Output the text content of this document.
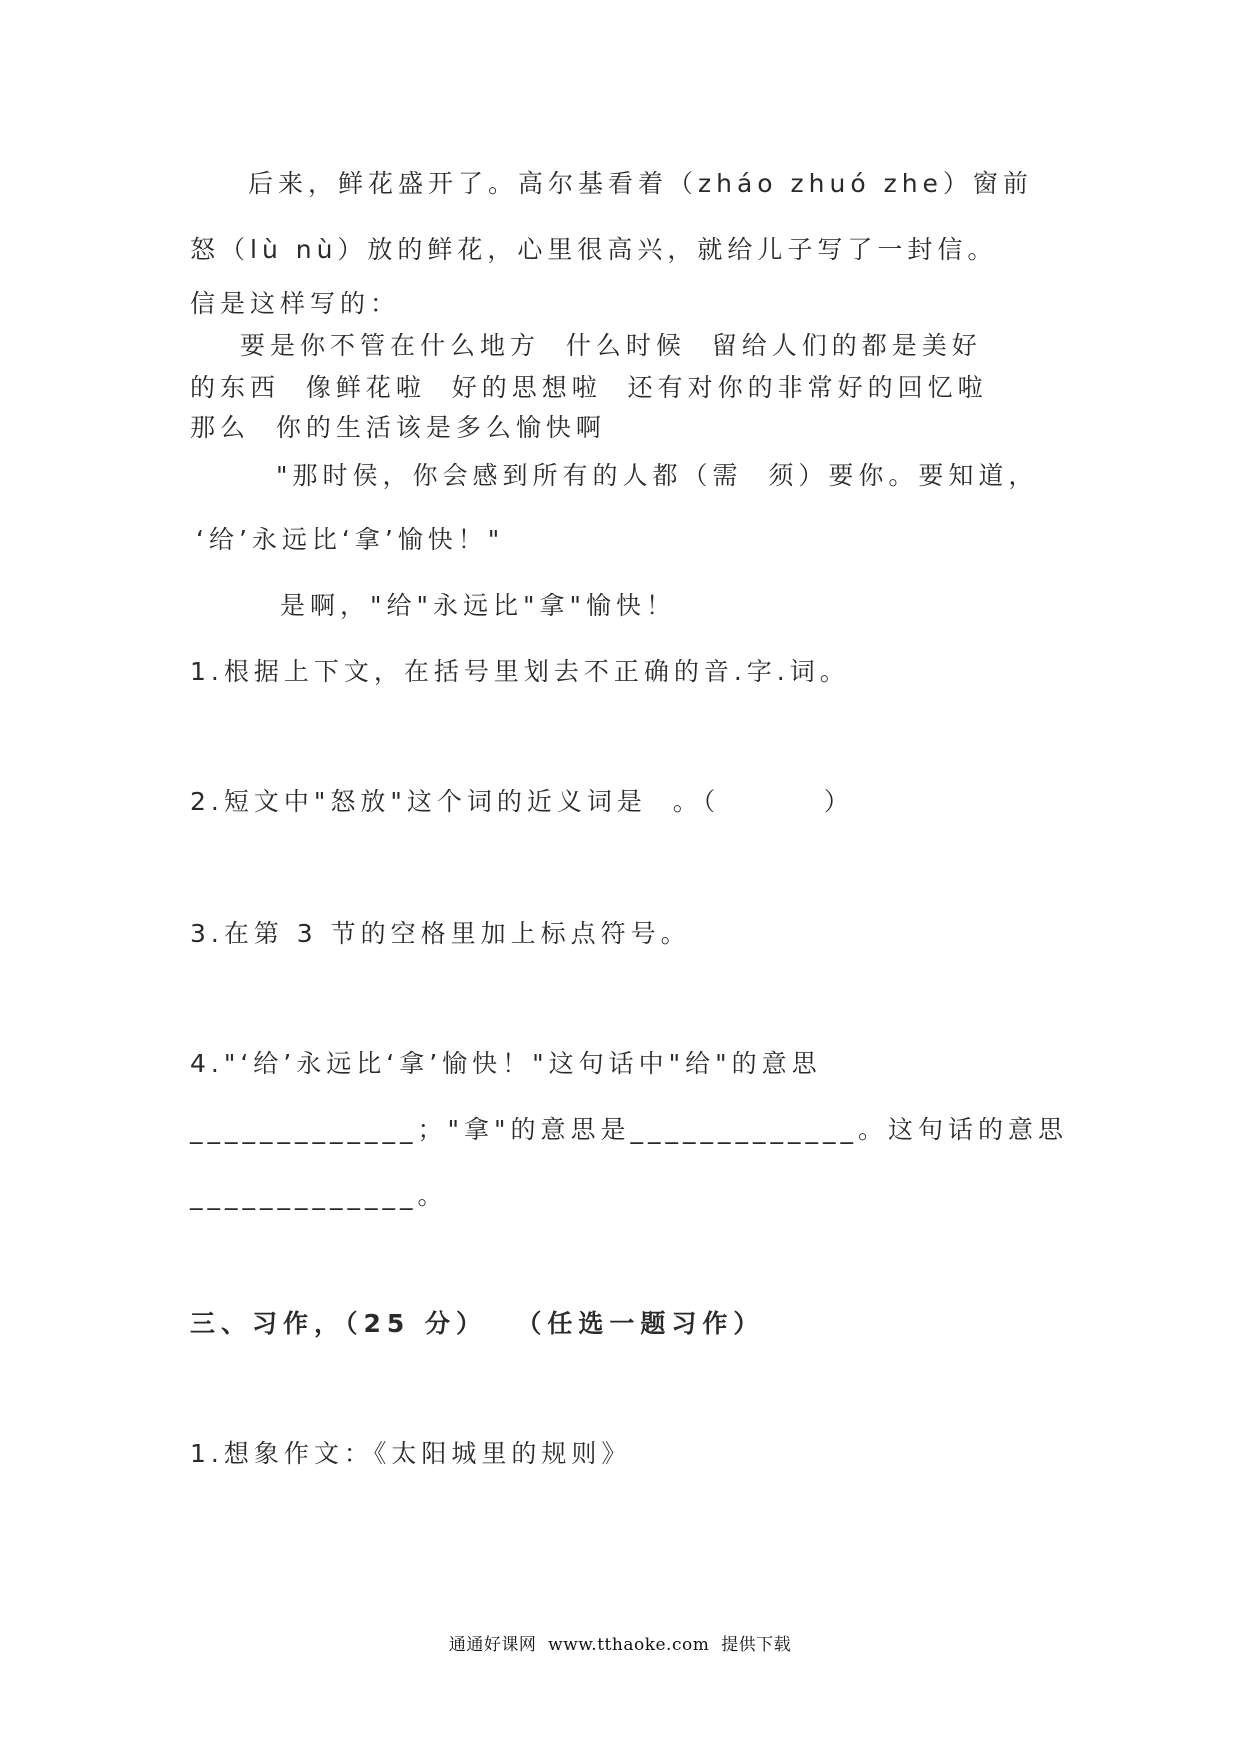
后来，鲜花盛开了。高尔基看着（zháo zhuó zhe）窗前
怒（lù nù）放的鲜花，心里很高兴，就给儿子写了一封信。
信是这样写的：
要是你不管在什么地方  什么时候  留给人们的都是美好
的东西  像鲜花啦  好的思想啦  还有对你的非常好的回忆啦
那么  你的生活该是多么愉快啊
"那时侯，你会感到所有的人都（需  须）要你。要知道，
‘给’永远比‘拿’愉快！"
是啊，"给"永远比"拿"愉快！
1.根据上下文，在括号里划去不正确的音.字.词。
2.短文中"怒放"这个词的近义词是  。（        ）
3.在第 3 节的空格里加上标点符号。
4."‘给’永远比‘拿’愉快！"这句话中"给"的意思
_____________；"拿"的意思是_____________。这句话的意思
_____________。
三、习作，（25 分）  （任选一题习作）
1.想象作文：《太阳城里的规则》
通通好课网  www.tthaoke.com  提供下载
